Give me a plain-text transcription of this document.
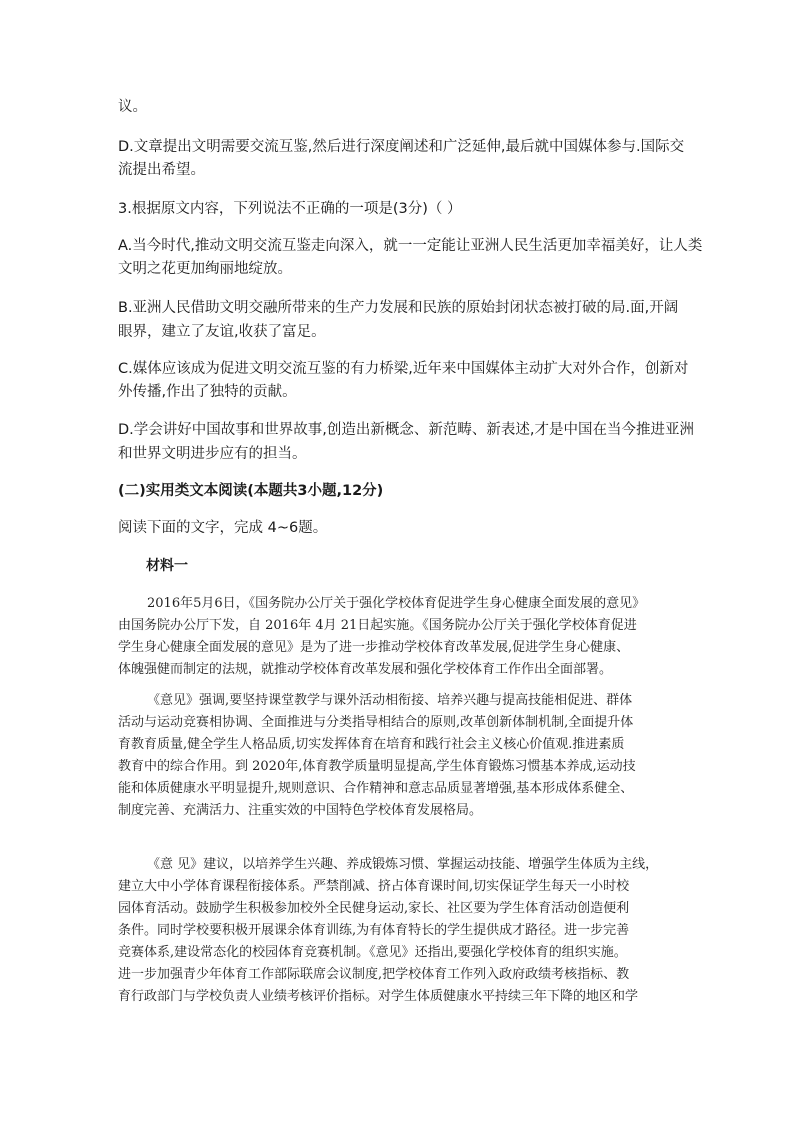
议。
D.文章提出文明需要交流互鉴,然后进行深度阐述和广泛延伸,最后就中国媒体参与.国际交
流提出希望。
3.根据原文内容，下列说法不正确的一项是(3分)（ ）
A.当今时代,推动文明交流互鉴走向深入，就一一定能让亚洲人民生活更加幸福美好，让人类
文明之花更加绚丽地绽放。
B.亚洲人民借助文明交融所带来的生产力发展和民族的原始封闭状态被打破的局.面,开阔
眼界，建立了友谊,收获了富足。
C.媒体应该成为促进文明交流互鉴的有力桥梁,近年来中国媒体主动扩大对外合作，创新对
外传播,作出了独特的贡献。
D.学会讲好中国故事和世界故事,创造出新概念、新范畴、新表述,才是中国在当今推进亚洲
和世界文明进步应有的担当。
(二)实用类文本阅读(本题共3小题,12分)
阅读下面的文字，完成 4~6题。
材料一
2016年5月6日，《国务院办公厅关于强化学校体育促进学生身心健康全面发展的意见》
由国务院办公厅下发，自 2016年 4月 21日起实施。《国务院办公厅关于强化学校体育促进
学生身心健康全面发展的意见》是为了进一步推动学校体育改革发展,促进学生身心健康、
体魄强健而制定的法规，就推动学校体育改革发展和强化学校体育工作作出全面部署。
《意见》强调,要坚持课堂教学与课外活动相衔接、培养兴趣与提高技能相促进、群体
活动与运动竞赛相协调、全面推进与分类指导相结合的原则,改革创新体制机制,全面提升体
育教育质量,健全学生人格品质,切实发挥体育在培育和践行社会主义核心价值观.推进素质
教育中的综合作用。到 2020年,体育教学质量明显提高,学生体育锻炼习惯基本养成,运动技
能和体质健康水平明显提升,规则意识、合作精神和意志品质显著增强,基本形成体系健全、
制度完善、充满活力、注重实效的中国特色学校体育发展格局。
《意 见》建议，以培养学生兴趣、养成锻炼习惯、掌握运动技能、增强学生体质为主线，
建立大中小学体育课程衔接体系。严禁削减、挤占体育课时间,切实保证学生每天一小时校
园体育活动。鼓励学生积极参加校外全民健身运动,家长、社区要为学生体育活动创造便利
条件。同时学校要积极开展课余体育训练,为有体育特长的学生提供成才路径。进一步完善
竞赛体系,建设常态化的校园体育竞赛机制。《意见》还指出,要强化学校体育的组织实施。
进一步加强青少年体育工作部际联席会议制度,把学校体育工作列入政府政绩考核指标、教
育行政部门与学校负责人业绩考核评价指标。对学生体质健康水平持续三年下降的地区和学
